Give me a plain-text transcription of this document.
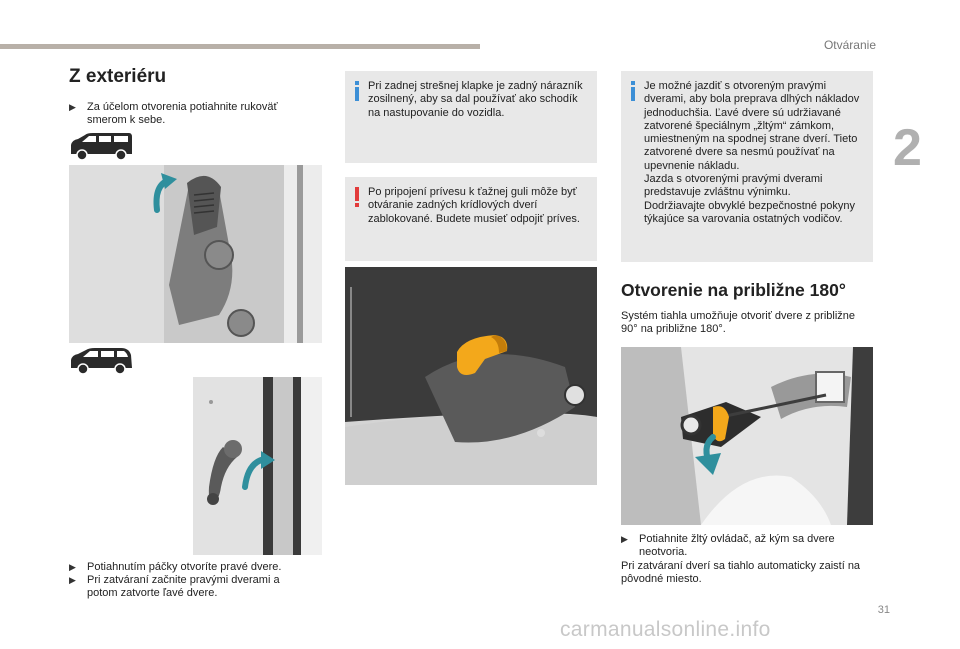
Otváranie
2
Z exteriéru
▶ Za účelom otvorenia potiahnite rukoväť smerom k sebe.
▶ Potiahnutím páčky otvoríte pravé dvere.
▶ Pri zatváraní začnite pravými dverami a potom zatvorte ľavé dvere.
Pri zadnej strešnej klapke je zadný nárazník zosilnený, aby sa dal používať ako schodík na nastupovanie do vozidla.
Po pripojení prívesu k ťažnej guli môže byť otváranie zadných krídlových dverí zablokované. Budete musieť odpojiť príves.
Je možné jazdiť s otvoreným pravými dverami, aby bola preprava dlhých nákladov jednoduchšia. Ľavé dvere sú udržiavané zatvorené špeciálnym „žltým“ zámkom, umiestneným na spodnej strane dverí. Tieto zatvorené dvere sa nesmú používať na upevnenie nákladu.
Jazda s otvorenými pravými dverami predstavuje zvláštnu výnimku.
Dodržiavajte obvyklé bezpečnostné pokyny týkajúce sa varovania ostatných vodičov.
Otvorenie na približne 180°
Systém tiahla umožňuje otvoriť dvere z približne 90° na približne 180°.
▶ Potiahnite žltý ovládač, až kým sa dvere neotvoria.
Pri zatváraní dverí sa tiahlo automaticky zaistí na pôvodné miesto.
31
carmanualsonline.info
